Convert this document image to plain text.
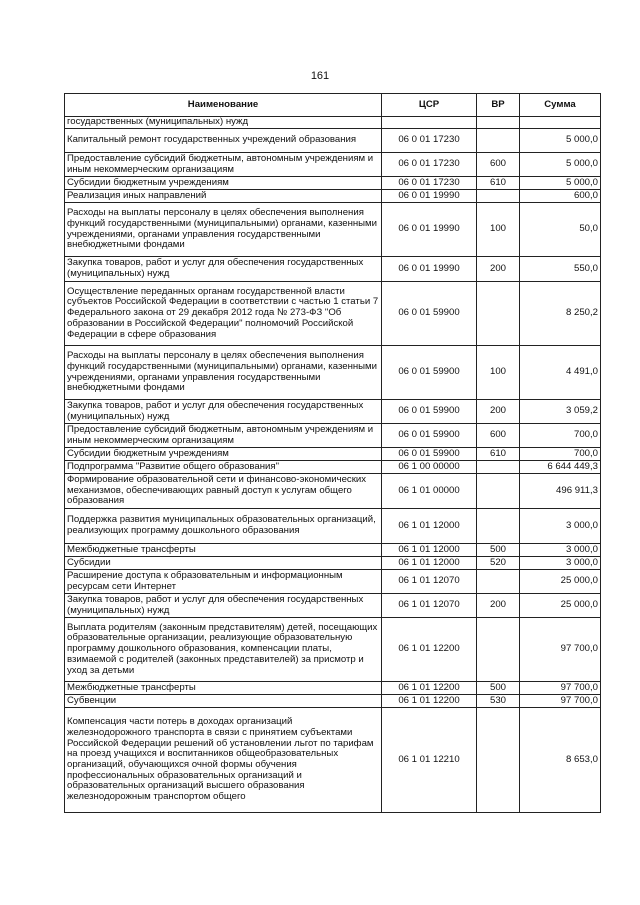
161
Наименование	ЦСР	ВР	Сумма
государственных (муниципальных) нужд			
Капитальный ремонт государственных учреждений образования	06 0 01 17230		5 000,0
Предоставление субсидий бюджетным, автономным учреждениям и иным некоммерческим организациям	06 0 01 17230	600	5 000,0
Субсидии бюджетным учреждениям	06 0 01 17230	610	5 000,0
Реализация иных направлений	06 0 01 19990		600,0
Расходы на выплаты персоналу в целях обеспечения выполнения функций государственными (муниципальными) органами, казенными учреждениями, органами управления государственными внебюджетными фондами	06 0 01 19990	100	50,0
Закупка товаров, работ и услуг для обеспечения государственных (муниципальных) нужд	06 0 01 19990	200	550,0
Осуществление переданных органам государственной власти субъектов Российской Федерации в соответствии с частью 1 статьи 7 Федерального закона от 29 декабря 2012 года № 273-ФЗ "Об образовании в Российской Федерации" полномочий Российской Федерации в сфере образования	06 0 01 59900		8 250,2
Расходы на выплаты персоналу в целях обеспечения выполнения функций государственными (муниципальными) органами, казенными учреждениями, органами управления государственными внебюджетными фондами	06 0 01 59900	100	4 491,0
Закупка товаров, работ и услуг для обеспечения государственных (муниципальных) нужд	06 0 01 59900	200	3 059,2
Предоставление субсидий бюджетным, автономным учреждениям и иным некоммерческим организациям	06 0 01 59900	600	700,0
Субсидии бюджетным учреждениям	06 0 01 59900	610	700,0
Подпрограмма "Развитие общего образования"	06 1 00 00000		6 644 449,3
Формирование образовательной сети и финансово-экономических механизмов, обеспечивающих равный доступ к услугам общего образования	06 1 01 00000		496 911,3
Поддержка развития муниципальных образовательных организаций, реализующих программу дошкольного образования	06 1 01 12000		3 000,0
Межбюджетные трансферты	06 1 01 12000	500	3 000,0
Субсидии	06 1 01 12000	520	3 000,0
Расширение доступа к образовательным и информационным ресурсам сети Интернет	06 1 01 12070		25 000,0
Закупка товаров, работ и услуг для обеспечения государственных (муниципальных) нужд	06 1 01 12070	200	25 000,0
Выплата родителям (законным представителям) детей, посещающих образовательные организации, реализующие образовательную программу дошкольного образования, компенсации платы, взимаемой с родителей (законных представителей) за присмотр и уход за детьми	06 1 01 12200		97 700,0
Межбюджетные трансферты	06 1 01 12200	500	97 700,0
Субвенции	06 1 01 12200	530	97 700,0
Компенсация части потерь в доходах организаций железнодорожного транспорта в связи с принятием субъектами Российской Федерации решений об установлении льгот по тарифам на проезд учащихся и воспитанников общеобразовательных организаций, обучающихся очной формы обучения профессиональных образовательных организаций и образовательных организаций высшего образования железнодорожным транспортом общего	06 1 01 12210		8 653,0
